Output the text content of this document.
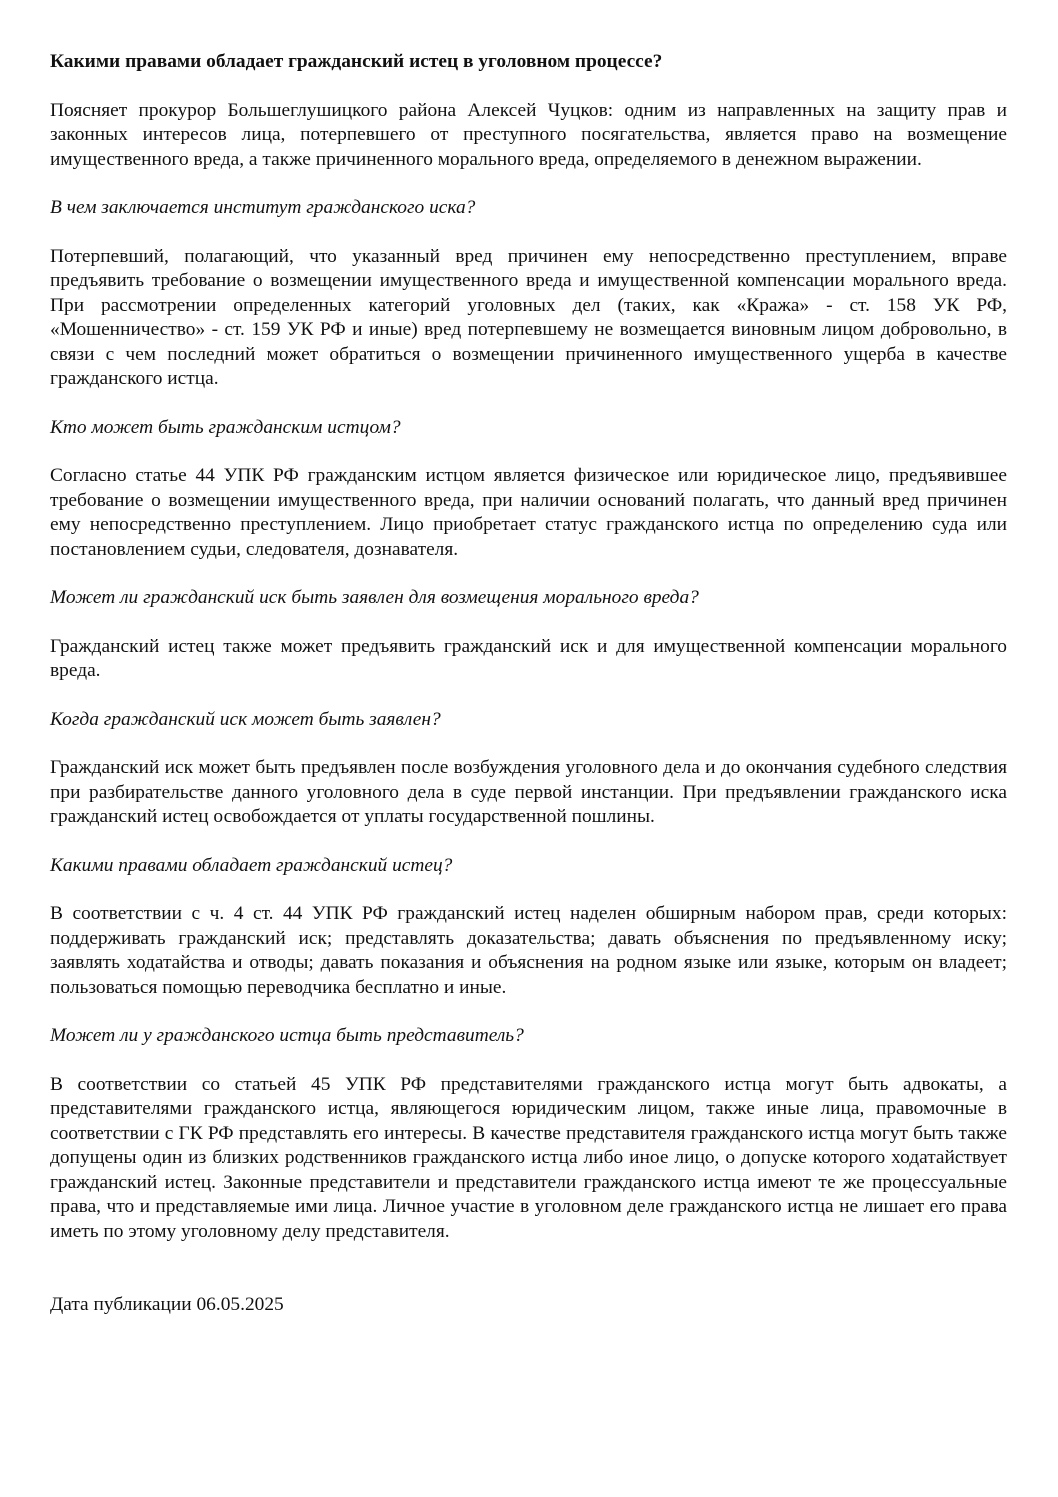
Какими правами обладает гражданский истец в уголовном процессе?
Поясняет прокурор Большеглушицкого района Алексей Чуцков: одним из направленных на защиту прав и законных интересов лица, потерпевшего от преступного посягательства, является право на возмещение имущественного вреда, а также причиненного морального вреда, определяемого в денежном выражении.
В чем заключается институт гражданского иска?
Потерпевший, полагающий, что указанный вред причинен ему непосредственно преступлением, вправе предъявить требование о возмещении имущественного вреда и имущественной компенсации морального вреда. При рассмотрении определенных категорий уголовных дел (таких, как «Кража» - ст. 158 УК РФ, «Мошенничество» - ст. 159 УК РФ и иные) вред потерпевшему не возмещается виновным лицом добровольно, в связи с чем последний может обратиться о возмещении причиненного имущественного ущерба в качестве гражданского истца.
Кто может быть гражданским истцом?
Согласно статье 44 УПК РФ гражданским истцом является физическое или юридическое лицо, предъявившее требование о возмещении имущественного вреда, при наличии оснований полагать, что данный вред причинен ему непосредственно преступлением. Лицо приобретает статус гражданского истца по определению суда или постановлением судьи, следователя, дознавателя.
Может ли гражданский иск быть заявлен для возмещения морального вреда?
Гражданский истец также может предъявить гражданский иск и для имущественной компенсации морального вреда.
Когда гражданский иск может быть заявлен?
Гражданский иск может быть предъявлен после возбуждения уголовного дела и до окончания судебного следствия при разбирательстве данного уголовного дела в суде первой инстанции. При предъявлении гражданского иска гражданский истец освобождается от уплаты государственной пошлины.
Какими правами обладает гражданский истец?
В соответствии с ч. 4 ст. 44 УПК РФ гражданский истец наделен обширным набором прав, среди которых: поддерживать гражданский иск; представлять доказательства; давать объяснения по предъявленному иску; заявлять ходатайства и отводы; давать показания и объяснения на родном языке или языке, которым он владеет; пользоваться помощью переводчика бесплатно и иные.
Может ли у гражданского истца быть представитель?
В соответствии со статьей 45 УПК РФ представителями гражданского истца могут быть адвокаты, а представителями гражданского истца, являющегося юридическим лицом, также иные лица, правомочные в соответствии с ГК РФ представлять его интересы. В качестве представителя гражданского истца могут быть также допущены один из близких родственников гражданского истца либо иное лицо, о допуске которого ходатайствует гражданский истец. Законные представители и представители гражданского истца имеют те же процессуальные права, что и представляемые ими лица. Личное участие в уголовном деле гражданского истца не лишает его права иметь по этому уголовному делу представителя.
Дата публикации 06.05.2025
